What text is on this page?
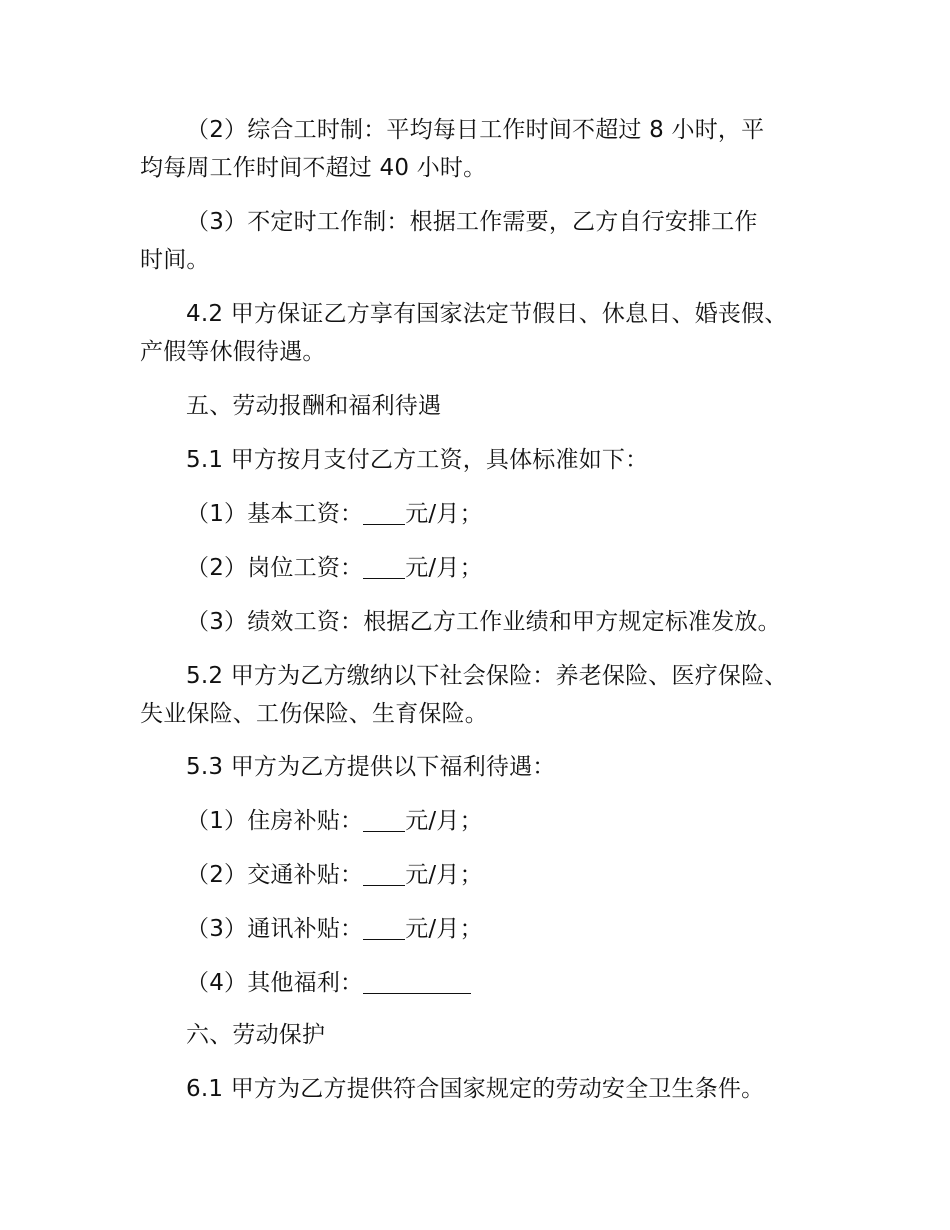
（2）综合工时制：平均每日工作时间不超过 8 小时，平
均每周工作时间不超过 40 小时。
（3）不定时工作制：根据工作需要，乙方自行安排工作
时间。
4.2 甲方保证乙方享有国家法定节假日、休息日、婚丧假、
产假等休假待遇。
五、劳动报酬和福利待遇
5.1 甲方按月支付乙方工资，具体标准如下：
（1）基本工资： 元/月；
（2）岗位工资： 元/月；
（3）绩效工资：根据乙方工作业绩和甲方规定标准发放。
5.2 甲方为乙方缴纳以下社会保险：养老保险、医疗保险、
失业保险、工伤保险、生育保险。
5.3 甲方为乙方提供以下福利待遇：
（1）住房补贴： 元/月；
（2）交通补贴： 元/月；
（3）通讯补贴： 元/月；
（4）其他福利：
六、劳动保护
6.1 甲方为乙方提供符合国家规定的劳动安全卫生条件。
